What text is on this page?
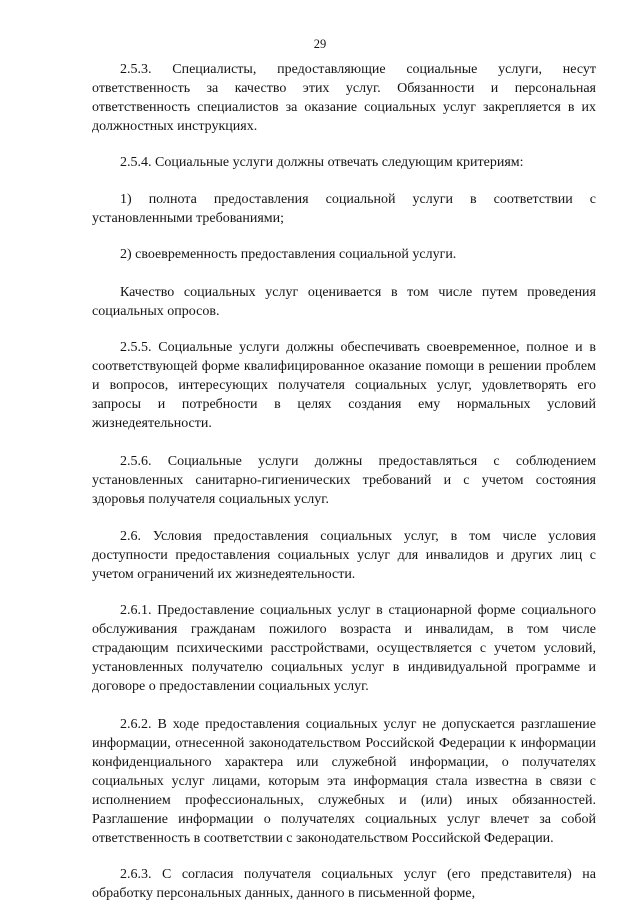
29

2.5.3. Специалисты, предоставляющие социальные услуги, несут ответственность за качество этих услуг. Обязанности и персональная ответственность специалистов за оказание социальных услуг закрепляется в их должностных инструкциях.

2.5.4. Социальные услуги должны отвечать следующим критериям:

1) полнота предоставления социальной услуги в соответствии с установленными требованиями;

2) своевременность предоставления социальной услуги.

Качество социальных услуг оценивается в том числе путем проведения социальных опросов.

2.5.5. Социальные услуги должны обеспечивать своевременное, полное и в соответствующей форме квалифицированное оказание помощи в решении проблем и вопросов, интересующих получателя социальных услуг, удовлетворять его запросы и потребности в целях создания ему нормальных условий жизнедеятельности.

2.5.6. Социальные услуги должны предоставляться с соблюдением установленных санитарно-гигиенических требований и с учетом состояния здоровья получателя социальных услуг.

2.6. Условия предоставления социальных услуг, в том числе условия доступности предоставления социальных услуг для инвалидов и других лиц с учетом ограничений их жизнедеятельности.

2.6.1. Предоставление социальных услуг в стационарной форме социального обслуживания гражданам пожилого возраста и инвалидам, в том числе страдающим психическими расстройствами, осуществляется с учетом условий, установленных получателю социальных услуг в индивидуальной программе и договоре о предоставлении социальных услуг.

2.6.2. В ходе предоставления социальных услуг не допускается разглашение информации, отнесенной законодательством Российской Федерации к информации конфиденциального характера или служебной информации, о получателях социальных услуг лицами, которым эта информация стала известна в связи с исполнением профессиональных, служебных и (или) иных обязанностей. Разглашение информации о получателях социальных услуг влечет за собой ответственность в соответствии с законодательством Российской Федерации.

2.6.3. С согласия получателя социальных услуг (его представителя) на обработку персональных данных, данного в письменной форме,
